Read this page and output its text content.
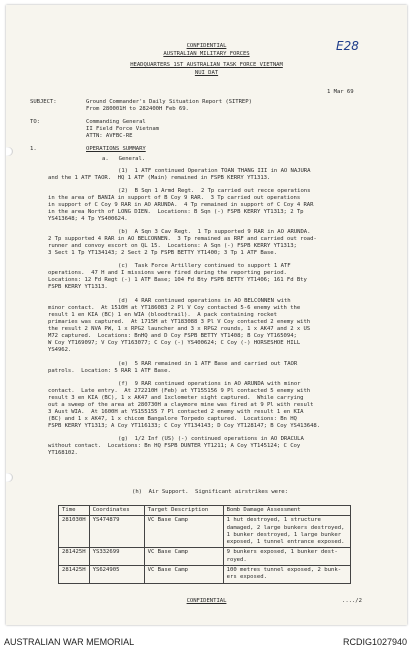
CONFIDENTIAL
AUSTRALIAN MILITARY FORCES
HEADQUARTERS 1ST AUSTRALIAN TASK FORCE VIETNAM
NUI DAT
E28
1 Mar 69
SUBJECT:	Ground Commander's Daily Situation Report (SITREP)
From 280001H to 282400H Feb 69.
TO:	Commanding General
II Field Force Vietnam
ATTN: AVFBC-RE
1.	OPERATIONS SUMMARY
a.   General.
(1)  1 ATF continued Operation TOAN THANG III in AO NAJURA
and the 1 ATF TAOR.  HQ 1 ATF (Main) remained in FSPB KERRY YT1313.
(2)  B Sqn 1 Armd Regt.  2 Tp carried out recce operations
in the area of BANIA in support of B Coy 9 RAR.  3 Tp carried out operations
in support of C Coy 9 RAR in AO ARUNDA.  4 Tp remained in support of C Coy 4 RAR
in the area North of LONG DIEN.  Locations: B Sqn (-) FSPB KERRY YT1313; 2 Tp
YS413648; 4 Tp YS400624.
(b)  A Sqn 3 Cav Regt.  1 Tp supported 9 RAR in AO ARUNDA.
2 Tp supported 4 RAR in AO BELCONNEN.  3 Tp remained as RRF and carried out road-
runner and convoy escort on QL 15.  Locations: A Sqn (-) FSPB KERRY YT1313;
3 Sect 1 Tp YT134143; 2 Sect 2 Tp FSPB BETTY YT1400; 3 Tp 1 ATF Base.
(c)  Task Force Artillery continued to support 1 ATF
operations.  47 H and I missions were fired during the reporting period.
Locations: 12 Fd Regt (-) 1 ATF Base; 104 Fd Bty FSPB BETTY YT1406; 161 Fd Bty
FSPB KERRY YT1313.
(d)  4 RAR continued operations in AO BELCONNEN with
minor contact.  At 1510H at YT186083 2 Pl V Coy contacted 5-6 enemy with the
result 1 en KIA (BC) 1 en WIA (bloodtrail).  A pack containing rocket
primaries was captured.  At 1715H at YT183088 3 Pl V Coy contacted 2 enemy with
the result 2 NVA PW, 1 x RPG2 launcher and 3 x RPG2 rounds, 1 x AK47 and 2 x US
M72 captured.  Locations: BnHQ and D Coy FSPB BETTY YT1408; B Coy YT165094;
W Coy YT169097; V Coy YT163077; C Coy (-) YS400624; C Coy (-) HORSESHOE HILL
YS4962.
(e)  5 RAR remained in 1 ATF Base and carried out TAOR
patrols.  Location: 5 RAR 1 ATF Base.
(f)  9 RAR continued operations in AO ARUNDA with minor
contact.  Late entry.  At 272210H (Feb) at YT155156 9 Pl contacted 5 enemy with
result 3 en KIA (BC), 1 x AK47 and 1xclometer sight captured.  While carrying
out a sweep of the area at 280730H a claymore mine was fired at 9 Pl with result
3 Aust WIA.  At 1600H at YS155155 7 Pl contacted 2 enemy with result 1 en KIA
(BC) and 1 x AK47, 1 x chicom Bangalore Torpedo captured.  Locations: Bn HQ
FSPB KERRY YT1313; A Coy YT116133; C Coy YT134143; D Coy YT128147; B Coy YS413648.
(g)  1/2 Inf (US) (-) continued operations in AO DRACULA
without contact.  Locations: Bn HQ FSPB DUNTER YT1211; A Coy YT145124; C Coy
YT168102.
(h)  Air Support.  Significant airstrikes were:
Time	Coordinates	Target Description	Bomb Damage Assessment
281030H	YS474879	VC Base Camp	1 hut destroyed, 1 structure
damaged, 2 large bunkers destroyed,
1 bunker destroyed, 1 large bunker
exposed, 1 tunnel entrance exposed.
281425H	YS332699	VC Base Camp	9 bunkers exposed, 1 bunker dest-
royed.
281425H	YS624905	VC Base Camp	100 metres tunnel exposed, 2 bunk-
ers exposed.
CONFIDENTIAL	..../2
AUSTRALIAN WAR MEMORIAL	RCDIG1027940
